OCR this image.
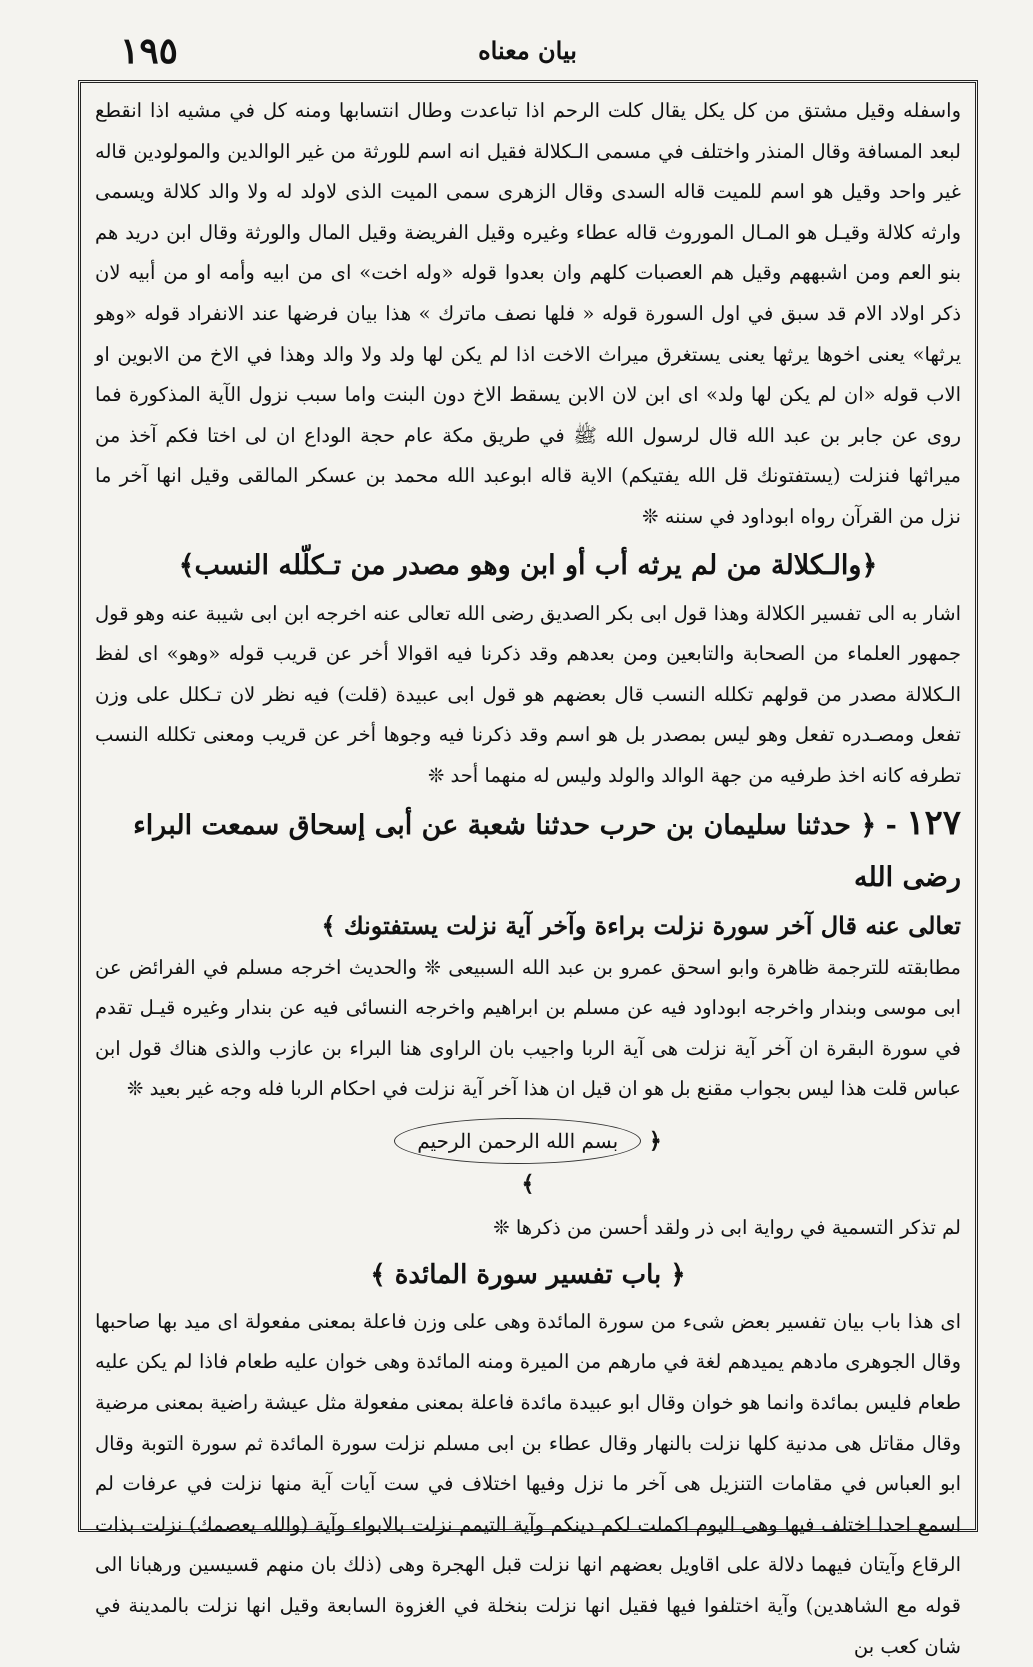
١٩٥	بيان معناه

واسفله وقيل مشتق من كل يكل يقال كلت الرحم اذا تباعدت وطال انتسابها ومنه كل في مشيه اذا انقطع لبعد المسافة وقال المنذر واختلف في مسمى الـكلالة فقيل انه اسم للورثة من غير الوالدين والمولودين قاله غير واحد وقيل هو اسم للميت قاله السدى وقال الزهرى سمى الميت الذى لاولد له ولا والد كلالة ويسمى وارثه كلالة وقيـل هو المـال الموروث قاله عطاء وغيره وقيل الفريضة وقيل المال والورثة وقال ابن دريد هم بنو العم ومن اشبههم وقيل هم العصبات كلهم وان بعدوا قوله «وله اخت» اى من ابيه وأمه او من أبيه لان ذكر اولاد الام قد سبق في اول السورة قوله « فلها نصف ماترك » هذا بيان فرضها عند الانفراد قوله «وهو يرثها» يعنى اخوها يرثها يعنى يستغرق ميراث الاخت اذا لم يكن لها ولد ولا والد وهذا في الاخ من الابوين او الاب قوله «ان لم يكن لها ولد» اى ابن لان الابن يسقط الاخ دون البنت واما سبب نزول الآية المذكورة فما روى عن جابر بن عبد الله قال لرسول الله ﷺ في طريق مكة عام حجة الوداع ان لى اختا فكم آخذ من ميراثها فنزلت (يستفتونك قل الله يفتيكم) الاية قاله ابوعبد الله محمد بن عسكر المالقى وقيل انها آخر ما نزل من القرآن رواه ابوداود في سننه ❊

﴿والـكلالة من لم يرثه أب أو ابن وهو مصدر من تـكلّله النسب﴾

اشار به الى تفسير الكلالة وهذا قول ابى بكر الصديق رضى الله تعالى عنه اخرجه ابن ابى شيبة عنه وهو قول جمهور العلماء من الصحابة والتابعين ومن بعدهم وقد ذكرنا فيه اقوالا أخر عن قريب قوله «وهو» اى لفظ الـكلالة مصدر من قولهم تكلله النسب قال بعضهم هو قول ابى عبيدة (قلت) فيه نظر لان تـكلل على وزن تفعل ومصـدره تفعل وهو ليس بمصدر بل هو اسم وقد ذكرنا فيه وجوها أخر عن قريب ومعنى تكلله النسب تطرفه كانه اخذ طرفيه من جهة الوالد والولد وليس له منهما أحد ❊

١٢٧ - ﴿ حدثنا سليمان بن حرب حدثنا شعبة عن أبى إسحاق سمعت البراء رضى الله

تعالى عنه قال آخر سورة نزلت براءة وآخر آية نزلت يستفتونك ﴾

مطابقته للترجمة ظاهرة وابو اسحق عمرو بن عبد الله السبيعى ❊ والحديث اخرجه مسلم في الفرائض عن ابى موسى وبندار واخرجه ابوداود فيه عن مسلم بن ابراهيم واخرجه النسائى فيه عن بندار وغيره قيـل تقدم في سورة البقرة ان آخر آية نزلت هى آية الربا واجيب بان الراوى هنا البراء بن عازب والذى هناك قول ابن عباس قلت هذا ليس بجواب مقنع بل هو ان قيل ان هذا آخر آية نزلت في احكام الربا فله وجه غير بعيد ❊

﴿ بسم الله الرحمن الرحيم ﴾

لم تذكر التسمية في رواية ابى ذر ولقد أحسن من ذكرها ❊

﴿ باب تفسير سورة المائدة ﴾

اى هذا باب بيان تفسير بعض شىء من سورة المائدة وهى على وزن فاعلة بمعنى مفعولة اى ميد بها صاحبها وقال الجوهرى مادهم يميدهم لغة في مارهم من الميرة ومنه المائدة وهى خوان عليه طعام فاذا لم يكن عليه طعام فليس بمائدة وانما هو خوان وقال ابو عبيدة مائدة فاعلة بمعنى مفعولة مثل عيشة راضية بمعنى مرضية وقال مقاتل هى مدنية كلها نزلت بالنهار وقال عطاء بن ابى مسلم نزلت سورة المائدة ثم سورة التوبة وقال ابو العباس في مقامات التنزيل هى آخر ما نزل وفيها اختلاف في ست آيات آية منها نزلت في عرفات لم اسمع احدا اختلف فيها وهى اليوم اكملت لكم دينكم وآية التيمم نزلت بالابواء وآية (والله يعصمك) نزلت بذات الرقاع وآيتان فيهما دلالة على اقاويل بعضهم انها نزلت قبل الهجرة وهى (ذلك بان منهم قسيسين ورهبانا الى قوله مع الشاهدين) وآية اختلفوا فيها فقيل انها نزلت بنخلة في الغزوة السابعة وقيل انها نزلت بالمدينة في شان كعب بن
